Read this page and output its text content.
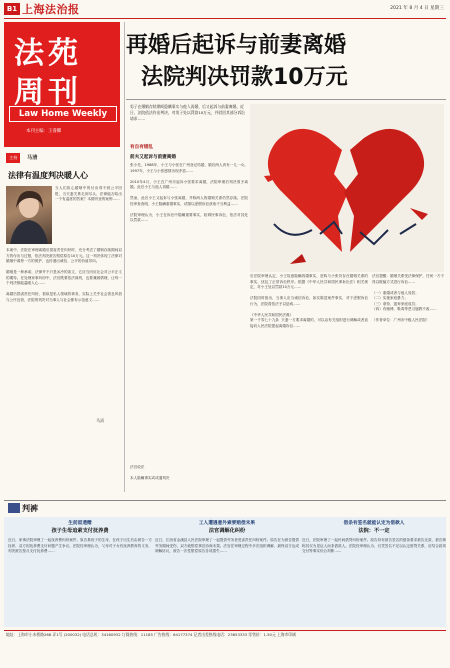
B1 上海法治报	2021 年 8 月 4 日 星期三
法苑
周刊
Law Home Weekly
本刊主编：王睿卿
主持	马清
法律有温度判决暖人心
当人们担心婚姻中的付出得不到公平回报，当夫妻关系走到尽头，法律能否给出一个有温度的答案？本期刊登的案例……
本案中，法院在审理离婚后损害责任纠纷时，充分考虑了婚姻存续期间双方的付出与过错，依法判决被告赔偿原告10万元。这一判决体现了法律对婚姻中弱势一方的保护，也传递出诚信、公平的价值导向。

婚姻是一种承诺，法律并不只是冰冷的条文，它应当回应社会对公平正义的期待。在处理家事纠纷中，法官既要依法裁判，也要兼顾情理，让每一个判决都能温暖人心……

离婚后损害责任纠纷，看似是私人领域的事务，实际上关乎社会善良风俗与公序良俗，法院的判决对当事人与社会都有示范意义……
马清
再婚后起诉与前妻离婚
法院判决罚款10万元
男子在婚姻存续期间隐瞒事实与他人再婚，后又起诉与前妻离婚。近日，法院依法作出判决，对男子处以罚款10万元，并驳回其部分诉讼请求……
有自有错乱
前夫又起诉与前妻离婚
张小先，1988年，小王与小张在广州登记结婚，婚后两人育有一儿一女。1997年，小王与小张感情出现矛盾……

2010年4月，小王在广州市起诉小张要求离婚，法院审理后判决准予离婚。此后小王与他人再婚……

然而，此后小王又起诉与小张离婚，并称两人的婚姻关系仍然存续。法院经审查查明，小王隐瞒重婚事实，试图以虚假诉讼获取不当利益……

法院审理认为，小王在诉讼中隐瞒重要事实，妨碍民事诉讼，依法对其处以罚款……
法官说法

本人隐瞒事实或或通判决
后法院审理认定，小王故意隐瞒再婚事实，虚构与小张仍存在婚姻关系的事实，扰乱了正常诉讼秩序。根据《中华人民共和国民事诉讼法》相关规定，对小王处以罚款10万元……

法院同时指出，当事人应当诚信诉讼，如实陈述案件事实，对于虚假诉讼行为，法院将依法予以惩戒……

《中华人民共和国民法典》
第一千零七十九条  夫妻一方要求离婚的，可以由有关组织进行调解或者直接向人民法院提起离婚诉讼……
法官提醒：婚姻关系受法律保护，任何一方不得以欺骗方式进行诉讼……

（一）重婚或者与他人同居；
（二）实施家庭暴力；
（三）虐待、遗弃家庭成员；
（四）有赌博、吸毒等恶习屡教不改……

（作者单位：广州市中级人民法院）
判裤
生前留遗赠
孩子生母追索支付抚养费
近日，家事法院审理了一起抚养费纠纷案件。原告系孩子的生母，在孩子出生后由被告一方抚养，双方因抚养费支付问题产生争议。法院经审理认为，父母对子女有抚养教育的义务，判决被告按月支付抚养费……
工人遭遇意外索要赔偿未果
法官调解化纠纷
近日，江西省金溪县人民法院审理了一起提供劳务者受害责任纠纷案件。原告在为被告提供劳务期间受伤，双方就赔偿事宜协商未果。法官在审理过程中多次组织调解，最终双方达成调解协议，被告一次性赔偿原告各项损失……
借条有签名就能认定为借款人
法院：不一定
近日，法院审理了一起民间借贷纠纷案件。原告持有被告签名的借条要求被告还款，被告辩称其仅为见证人而非借款人。法院经审理认为，仅凭签名不足以认定借贷关系，应结合款项交付等事实综合判断……
地址：上海市小木桥路268 弄1号 (200032) 电话总机：34160932 订阅热线：11185 广告热线：64177374 记者出差热线电话：23653333 零售价：1.50元 上海市印刷
